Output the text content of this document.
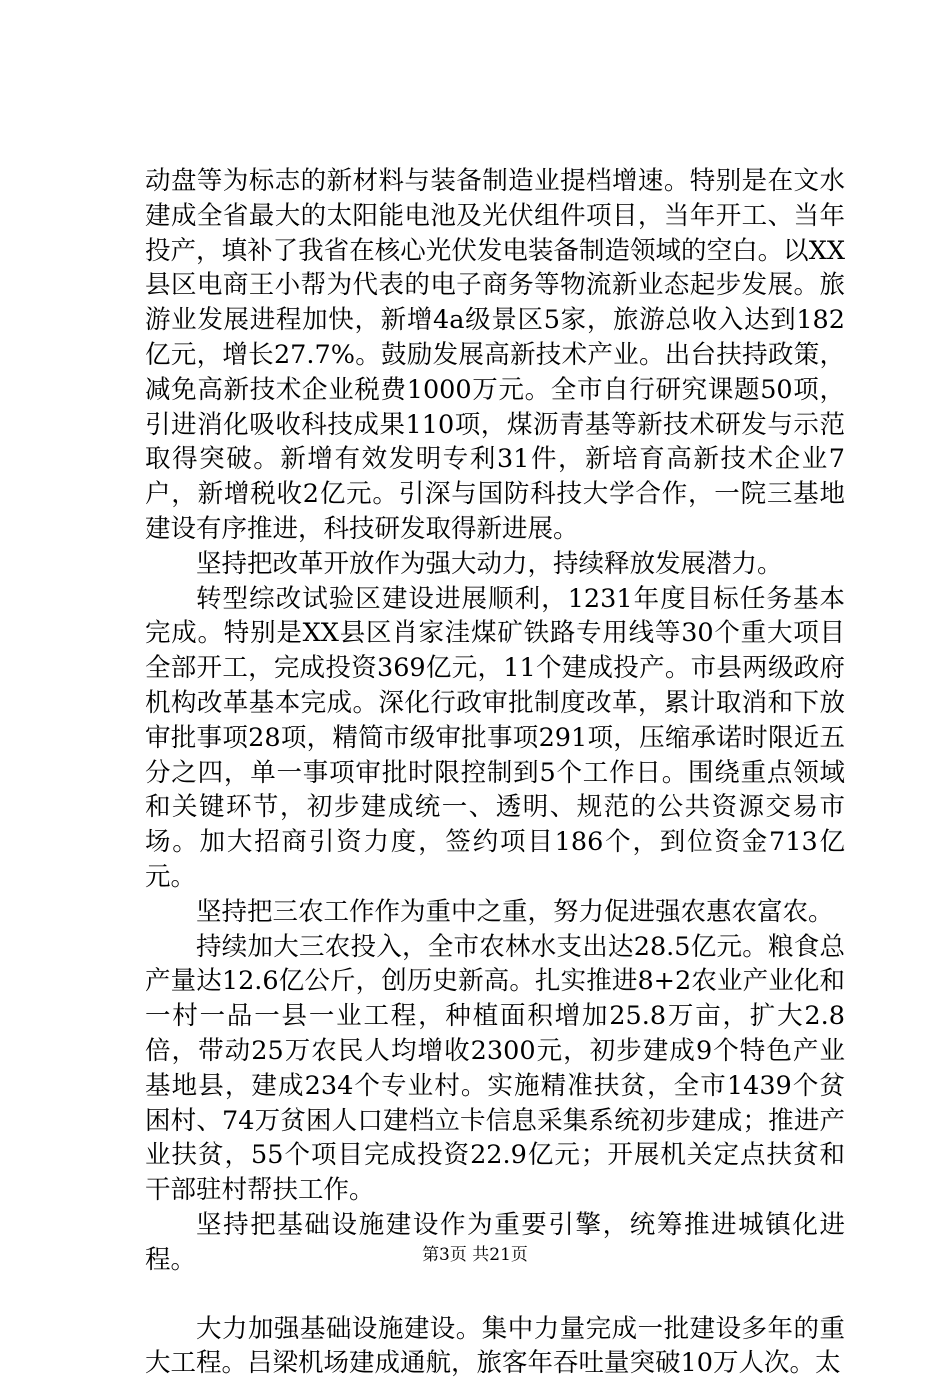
动盘等为标志的新材料与装备制造业提档增速。特别是在文水建成全省最大的太阳能电池及光伏组件项目，当年开工、当年投产，填补了我省在核心光伏发电装备制造领域的空白。以XX县区电商王小帮为代表的电子商务等物流新业态起步发展。旅游业发展进程加快，新增4a级景区5家，旅游总收入达到182亿元，增长27.7%。鼓励发展高新技术产业。出台扶持政策，减免高新技术企业税费1000万元。全市自行研究课题50项，引进消化吸收科技成果110项，煤沥青基等新技术研发与示范取得突破。新增有效发明专利31件，新培育高新技术企业7户，新增税收2亿元。引深与国防科技大学合作，一院三基地建设有序推进，科技研发取得新进展。

坚持把改革开放作为强大动力，持续释放发展潜力。

转型综改试验区建设进展顺利，1231年度目标任务基本完成。特别是XX县区肖家洼煤矿铁路专用线等30个重大项目全部开工，完成投资369亿元，11个建成投产。市县两级政府机构改革基本完成。深化行政审批制度改革，累计取消和下放审批事项28项，精简市级审批事项291项，压缩承诺时限近五分之四，单一事项审批时限控制到5个工作日。围绕重点领域和关键环节，初步建成统一、透明、规范的公共资源交易市场。加大招商引资力度，签约项目186个，到位资金713亿元。

坚持把三农工作作为重中之重，努力促进强农惠农富农。

持续加大三农投入，全市农林水支出达28.5亿元。粮食总产量达12.6亿公斤，创历史新高。扎实推进8+2农业产业化和一村一品一县一业工程，种植面积增加25.8万亩，扩大2.8倍，带动25万农民人均增收2300元，初步建成9个特色产业基地县，建成234个专业村。实施精准扶贫，全市1439个贫困村、74万贫困人口建档立卡信息采集系统初步建成；推进产业扶贫，55个项目完成投资22.9亿元；开展机关定点扶贫和干部驻村帮扶工作。

坚持把基础设施建设作为重要引擎，统筹推进城镇化进程。

大力加强基础设施建设。集中力量完成一批建设多年的重大工程。吕梁机场建成通航，旅客年吞吐量突破10万人次。太

第3页 共21页
